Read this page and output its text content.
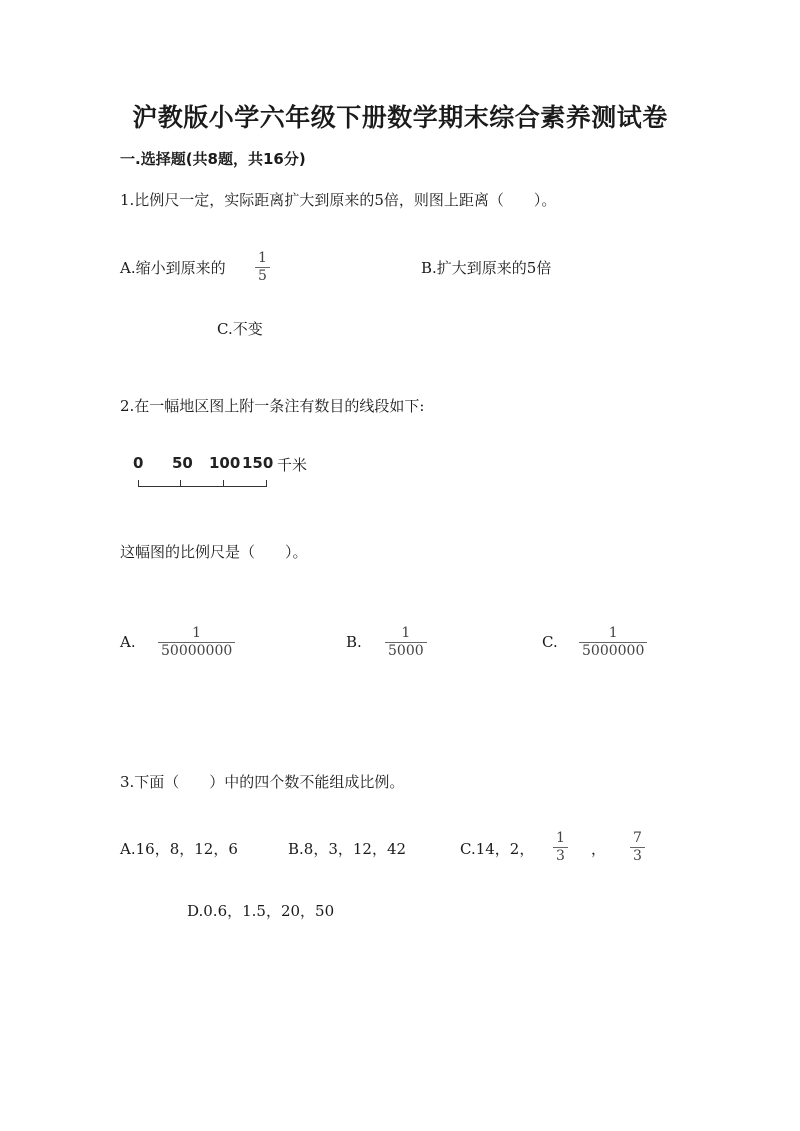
沪教版小学六年级下册数学期末综合素养测试卷
一.选择题(共8题，共16分)
1.比例尺一定，实际距离扩大到原来的5倍，则图上距离（　　）。
A.缩小到原来的
1
5	B.扩大到原来的5倍
C.不变
2.在一幅地区图上附一条注有数目的线段如下:
0 50 100 150 千米
这幅图的比例尺是（　　）。
A.	1
50000000	B.	1
5000	C.	1
5000000
3.下面（　　）中的四个数不能组成比例。
A.16，8，12，6	B.8，3，12，42	C.14，2，
1
3 ，
7
3
D.0.6，1.5，20，50
